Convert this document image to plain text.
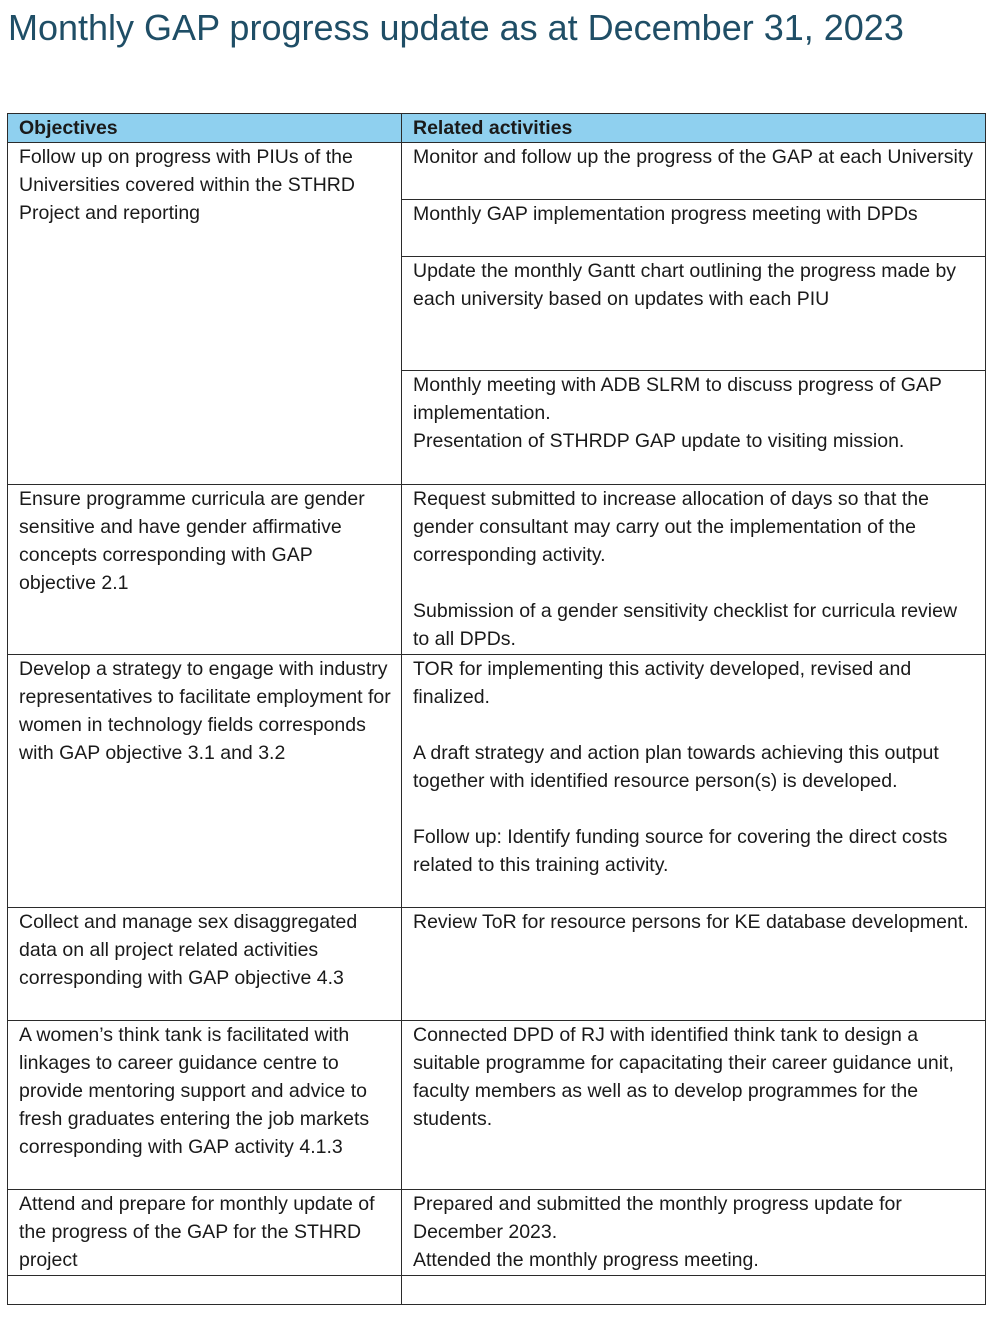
Monthly GAP progress update as at December 31, 2023
Objectives	Related activities
Follow up on progress with PIUs of the Universities covered within the STHRD Project and reporting	Monitor and follow up the progress of the GAP at each University
	Monthly GAP implementation progress meeting with DPDs
	Update the monthly Gantt chart outlining the progress made by each university based on updates with each PIU

	Monthly meeting with ADB SLRM to discuss progress of GAP implementation.
Presentation of STHRDP GAP update to visiting mission.

Ensure programme curricula are gender sensitive and have gender affirmative concepts corresponding with GAP objective 2.1	Request submitted to increase allocation of days so that the gender consultant may carry out the implementation of the corresponding activity.
Submission of a gender sensitivity checklist for curricula review to all DPDs.

Develop a strategy to engage with industry representatives to facilitate employment for women in technology fields corresponds with GAP objective 3.1 and 3.2	TOR for implementing this activity developed, revised and finalized.
A draft strategy and action plan towards achieving this output together with identified resource person(s) is developed.
Follow up: Identify funding source for covering the direct costs related to this training activity.

Collect and manage sex disaggregated data on all project related activities corresponding with GAP objective 4.3	Review ToR for resource persons for KE database development.
A women’s think tank is facilitated with linkages to career guidance centre to provide mentoring support and advice to fresh graduates entering the job markets corresponding with GAP activity 4.1.3	Connected DPD of RJ with identified think tank to design a suitable programme for capacitating their career guidance unit, faculty members as well as to develop programmes for the students.
Attend and prepare for monthly update of the progress of the GAP for the STHRD project	Prepared and submitted the monthly progress update for December 2023.
Attended the monthly progress meeting.
